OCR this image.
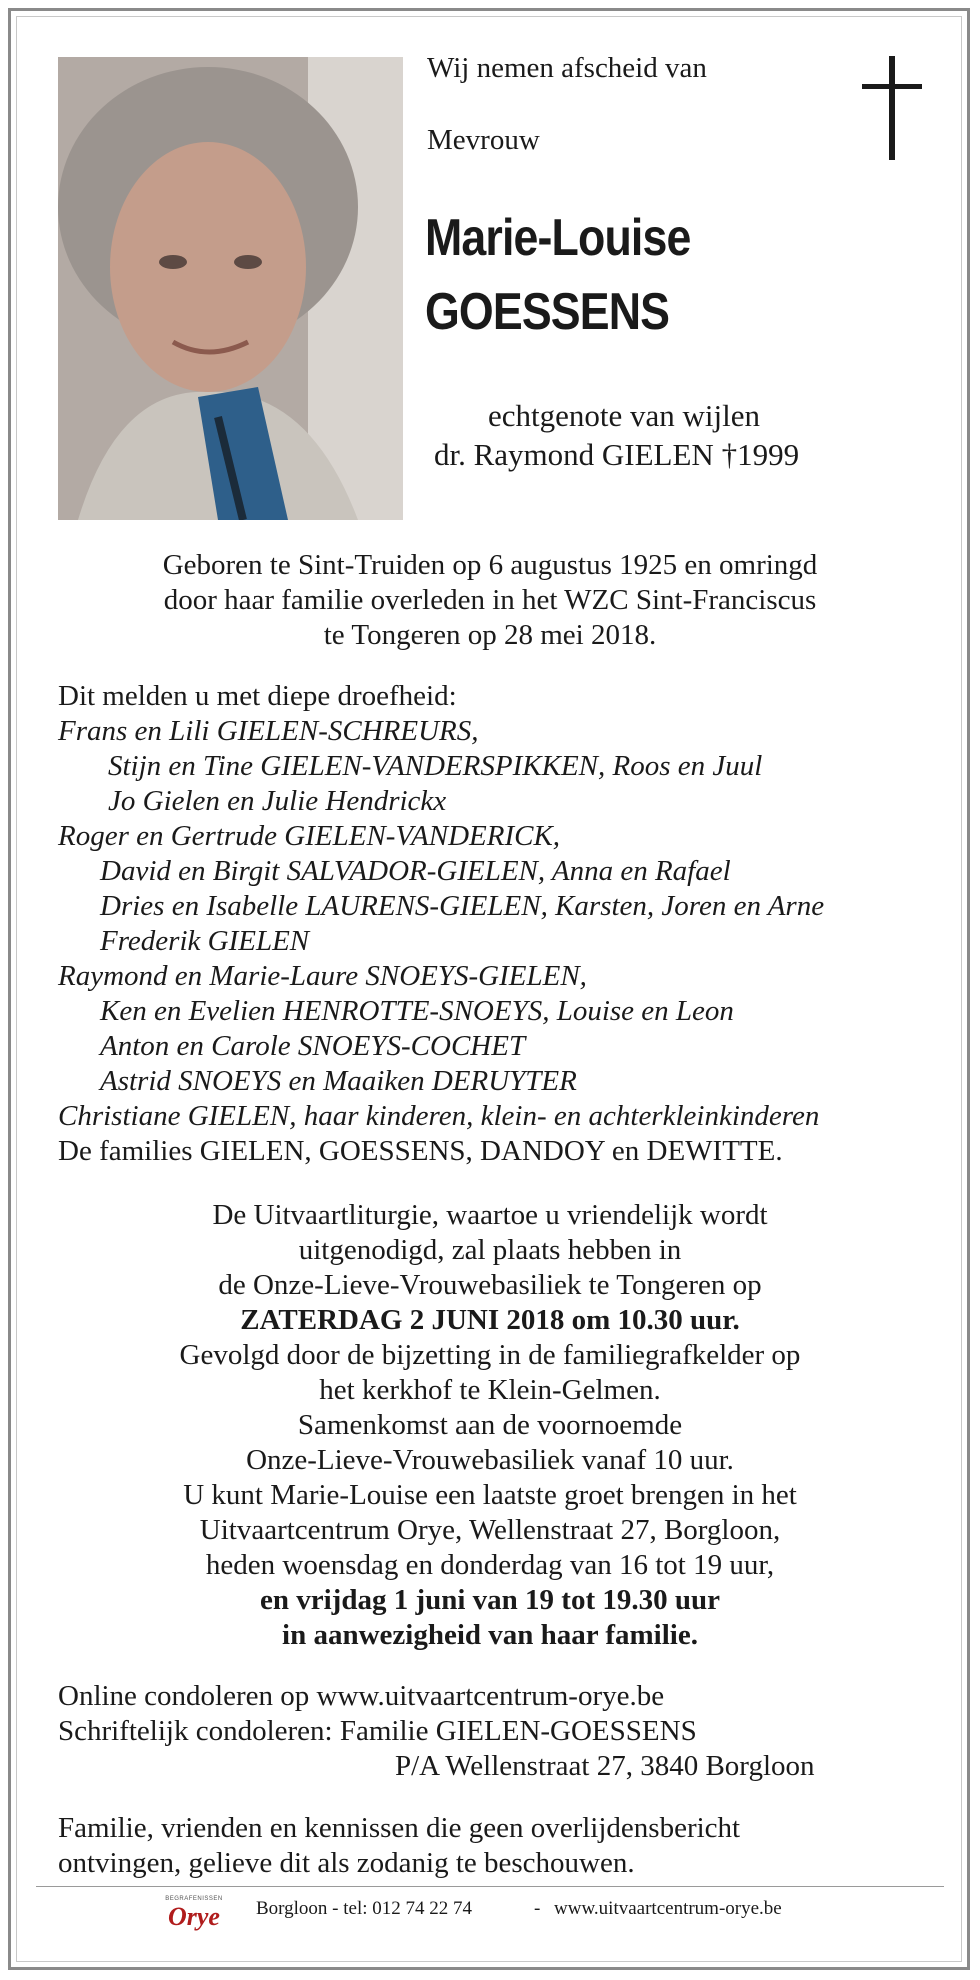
Wij nemen afscheid van
Mevrouw
Marie-Louise
GOESSENS
echtgenote van wijlen
dr. Raymond GIELEN †1999
Geboren te Sint-Truiden op 6 augustus 1925 en omringd
door haar familie overleden in het WZC Sint-Franciscus
te Tongeren op 28 mei 2018.
Dit melden u met diepe droefheid:
Frans en Lili GIELEN-SCHREURS,
Stijn en Tine GIELEN-VANDERSPIKKEN, Roos en Juul
Jo Gielen en Julie Hendrickx
Roger en Gertrude GIELEN-VANDERICK,
David en Birgit SALVADOR-GIELEN, Anna en Rafael
Dries en Isabelle LAURENS-GIELEN, Karsten, Joren en Arne
Frederik GIELEN
Raymond en Marie-Laure SNOEYS-GIELEN,
Ken en Evelien HENROTTE-SNOEYS, Louise en Leon
Anton en Carole SNOEYS-COCHET
Astrid SNOEYS en Maaiken DERUYTER
Christiane GIELEN, haar kinderen, klein- en achterkleinkinderen
De families GIELEN, GOESSENS, DANDOY en DEWITTE.
De Uitvaartliturgie, waartoe u vriendelijk wordt
uitgenodigd, zal plaats hebben in
de Onze-Lieve-Vrouwebasiliek te Tongeren op
ZATERDAG 2 JUNI 2018 om 10.30 uur.
Gevolgd door de bijzetting in de familiegrafkelder op
het kerkhof te Klein-Gelmen.
Samenkomst aan de voornoemde
Onze-Lieve-Vrouwebasiliek vanaf 10 uur.
U kunt Marie-Louise een laatste groet brengen in het
Uitvaartcentrum Orye, Wellenstraat 27, Borgloon,
heden woensdag en donderdag van 16 tot 19 uur,
en vrijdag 1 juni van 19 tot 19.30 uur
in aanwezigheid van haar familie.
Online condoleren op www.uitvaartcentrum-orye.be
Schriftelijk condoleren: Familie GIELEN-GOESSENS
P/A Wellenstraat 27, 3840 Borgloon
Familie, vrienden en kennissen die geen overlijdensbericht
ontvingen, gelieve dit als zodanig te beschouwen.
BEGRAFENISSEN
Orye	Borgloon - tel: 012 74 22 74	- www.uitvaartcentrum-orye.be
